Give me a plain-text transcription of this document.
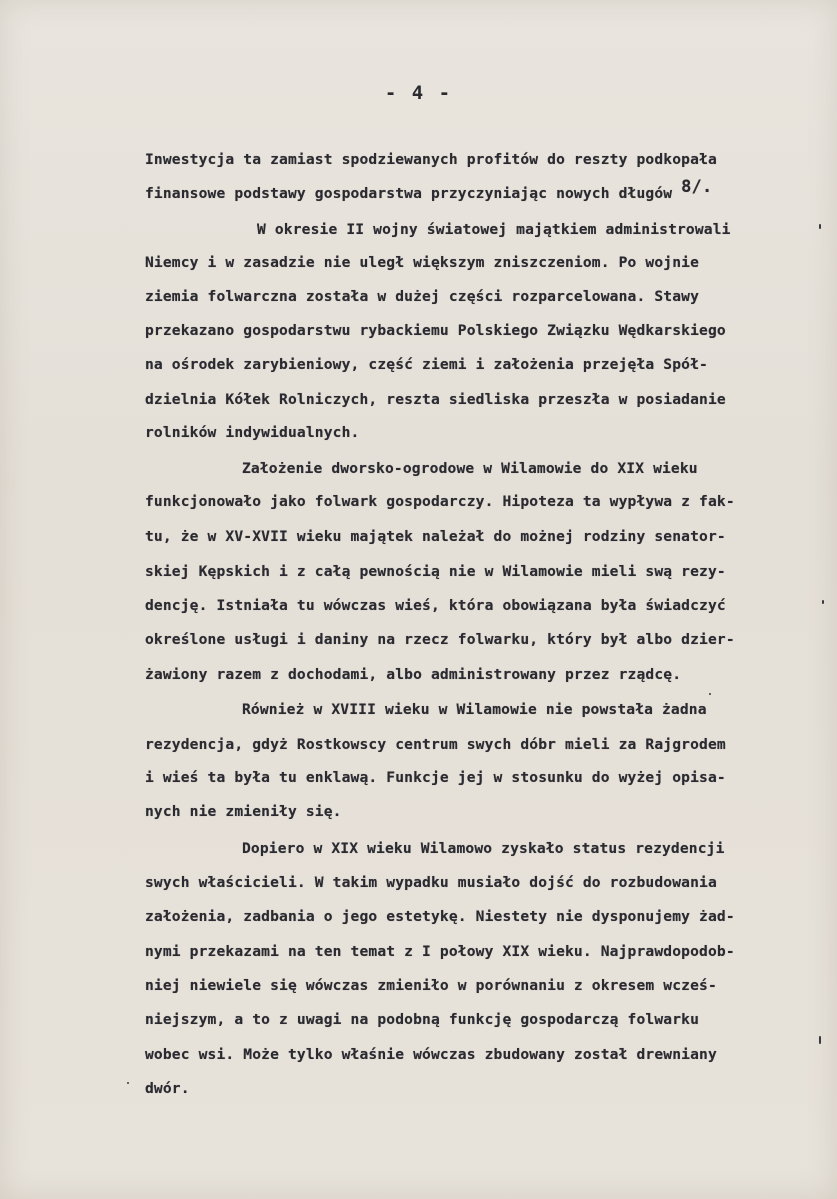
- 4 -
Inwestycja ta zamiast spodziewanych profitów do reszty podkopała
finansowe podstawy gospodarstwa przyczyniając nowych długów 8/.
W okresie II wojny światowej majątkiem administrowali
Niemcy i w zasadzie nie uległ większym zniszczeniom. Po wojnie
ziemia folwarczna została w dużej części rozparcelowana. Stawy
przekazano gospodarstwu rybackiemu Polskiego Związku Wędkarskiego
na ośrodek zarybieniowy, część ziemi i założenia przejęła Spół-
dzielnia Kółek Rolniczych, reszta siedliska przeszła w posiadanie
rolników indywidualnych.
Założenie dworsko-ogrodowe w Wilamowie do XIX wieku
funkcjonowało jako folwark gospodarczy. Hipoteza ta wypływa z fak-
tu, że w XV-XVII wieku majątek należał do możnej rodziny senator-
skiej Kępskich i z całą pewnością nie w Wilamowie mieli swą rezy-
dencję. Istniała tu wówczas wieś, która obowiązana była świadczyć
określone usługi i daniny na rzecz folwarku, który był albo dzier-
żawiony razem z dochodami, albo administrowany przez rządcę.
Również w XVIII wieku w Wilamowie nie powstała żadna
rezydencja, gdyż Rostkowscy centrum swych dóbr mieli za Rajgrodem
i wieś ta była tu enklawą. Funkcje jej w stosunku do wyżej opisa-
nych nie zmieniły się.
Dopiero w XIX wieku Wilamowo zyskało status rezydencji
swych właścicieli. W takim wypadku musiało dojść do rozbudowania
założenia, zadbania o jego estetykę. Niestety nie dysponujemy żad-
nymi przekazami na ten temat z I połowy XIX wieku. Najprawdopodob-
niej niewiele się wówczas zmieniło w porównaniu z okresem wcześ-
niejszym, a to z uwagi na podobną funkcję gospodarczą folwarku
wobec wsi. Może tylko właśnie wówczas zbudowany został drewniany
dwór.
